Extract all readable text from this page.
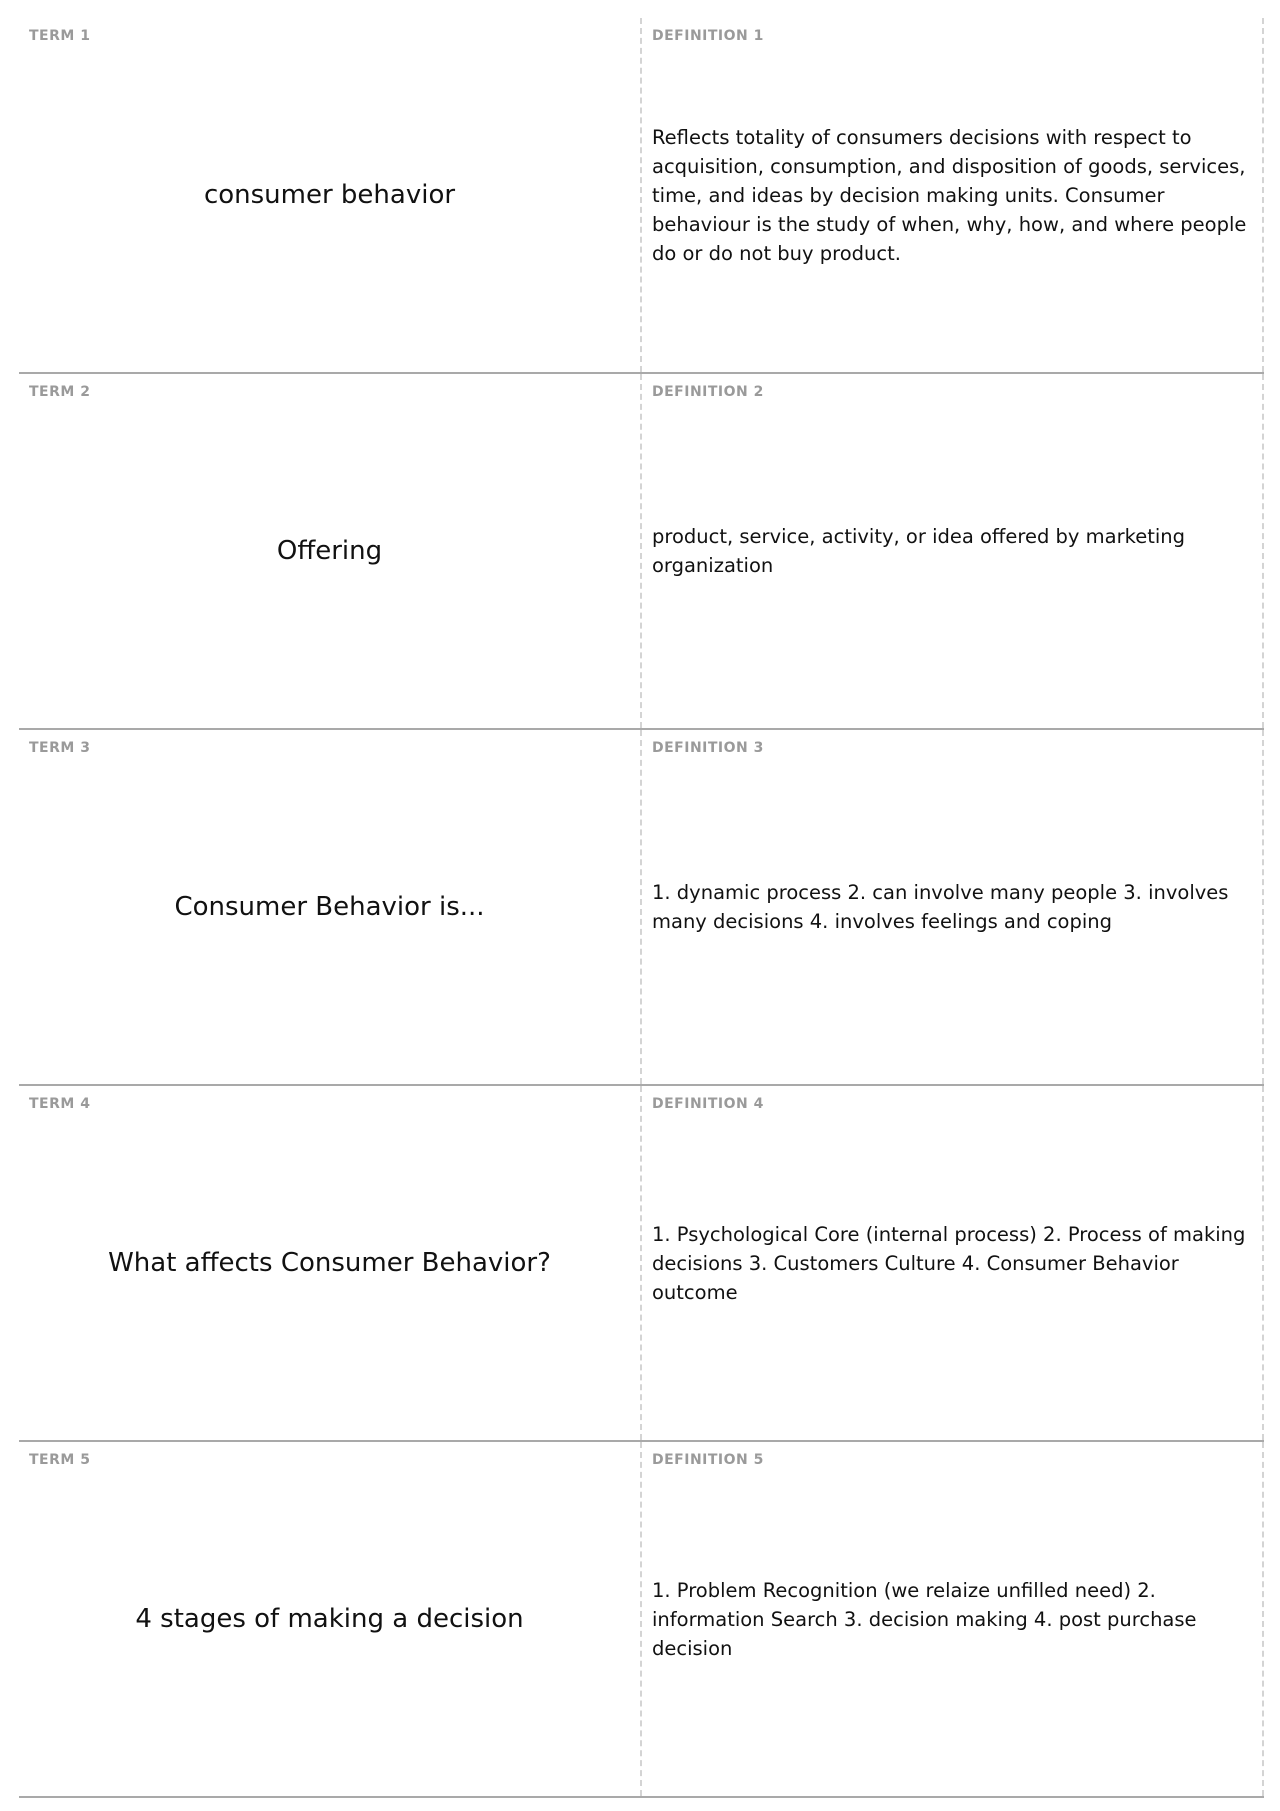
TERM 1
consumer behavior
DEFINITION 1
Reflects totality of consumers decisions with respect to acquisition, consumption, and disposition of goods, services, time, and ideas by decision making units. Consumer behaviour is the study of when, why, how, and where people do or do not buy product.
TERM 2
Offering
DEFINITION 2
product, service, activity, or idea offered by marketing organization
TERM 3
Consumer Behavior is...
DEFINITION 3
1. dynamic process 2. can involve many people 3. involves many decisions 4. involves feelings and coping
TERM 4
What affects Consumer Behavior?
DEFINITION 4
1. Psychological Core (internal process) 2. Process of making decisions 3. Customers Culture 4. Consumer Behavior outcome
TERM 5
4 stages of making a decision
DEFINITION 5
1. Problem Recognition (we relaize unfilled need) 2. information Search 3. decision making 4. post purchase decision
